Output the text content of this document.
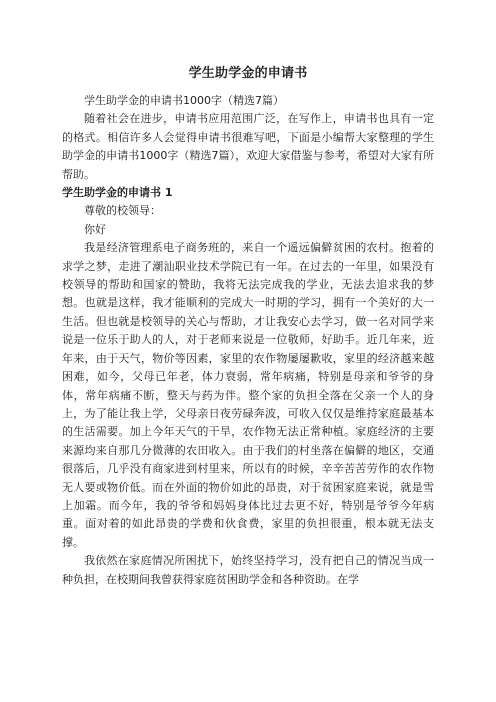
学生助学金的申请书

学生助学金的申请书1000字（精选7篇）

随着社会在进步，申请书应用范围广泛，在写作上，申请书也具有一定的格式。相信许多人会觉得申请书很难写吧，下面是小编帮大家整理的学生助学金的申请书1000字（精选7篇），欢迎大家借鉴与参考，希望对大家有所帮助。

学生助学金的申请书 1

尊敬的校领导：

你好

我是经济管理系电子商务班的，来自一个遥远偏僻贫困的农村。抱着的求学之梦，走进了潮汕职业技术学院已有一年。在过去的一年里，如果没有校领导的帮助和国家的赞助，我将无法完成我的学业，无法去追求我的梦想。也就是这样，我才能顺利的完成大一时期的学习，拥有一个美好的大一生活。但也就是校领导的关心与帮助，才让我安心去学习，做一名对同学来说是一位乐于助人的人，对于老师来说是一位敬师，好助手。近几年来，近年来，由于天气，物价等因素，家里的农作物屡屡歉收，家里的经济越来越困难，如今，父母已年老，体力衰弱，常年病痛，特别是母亲和爷爷的身体，常年病痛不断，整天与药为伴。整个家的负担全落在父亲一个人的身上，为了能让我上学，父母亲日夜劳碌奔波，可收入仅仅是维持家庭最基本的生活需要。加上今年天气的干旱，农作物无法正常种植。家庭经济的主要来源均来自那几分微薄的农田收入。由于我们的村坐落在偏僻的地区，交通很落后，几乎没有商家进到村里来，所以有的时候，辛辛苦苦劳作的农作物无人要或物价低。而在外面的物价如此的昂贵，对于贫困家庭来说，就是雪上加霜。而今年，我的爷爷和妈妈身体比过去更不好，特别是爷爷今年病重。面对着的如此昂贵的学费和伙食费，家里的负担很重，根本就无法支撑。

我依然在家庭情况所困扰下，始终坚持学习，没有把自己的情况当成一种负担，在校期间我曾获得家庭贫困助学金和各种资助。在学
